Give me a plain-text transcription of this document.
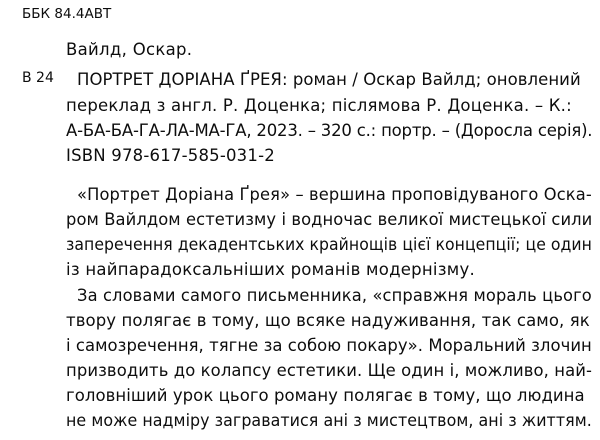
ББК 84.4АВТ
Вайлд, Оскар.
В 24 ПОРТРЕТ ДОРІАНА ҐРЕЯ: роман / Оскар Вайлд; оновлений
переклад з англ. Р. Доценка; післямова Р. Доценка. – К.:
А-БА-БА-ГА-ЛА-МА-ГА, 2023. – 320 с.: портр. – (Доросла серія).
ISBN 978-617-585-031-2
«Портрет Доріана Ґрея» – вершина проповідуваного Оска-
ром Вайлдом естетизму і водночас великої мистецької сили
заперечення декадентських крайнощів цієї концепції; це один
із найпарадоксальніших романів модернізму.
За словами самого письменника, «справжня мораль цього
твору полягає в тому, що всяке надуживання, так само, як
і самозречення, тягне за собою покару». Моральний злочин
призводить до колапсу естетики. Ще один і, можливо, най-
головніший урок цього роману полягає в тому, що людина
не може надміру заграватися ані з мистецтвом, ані з життям.
